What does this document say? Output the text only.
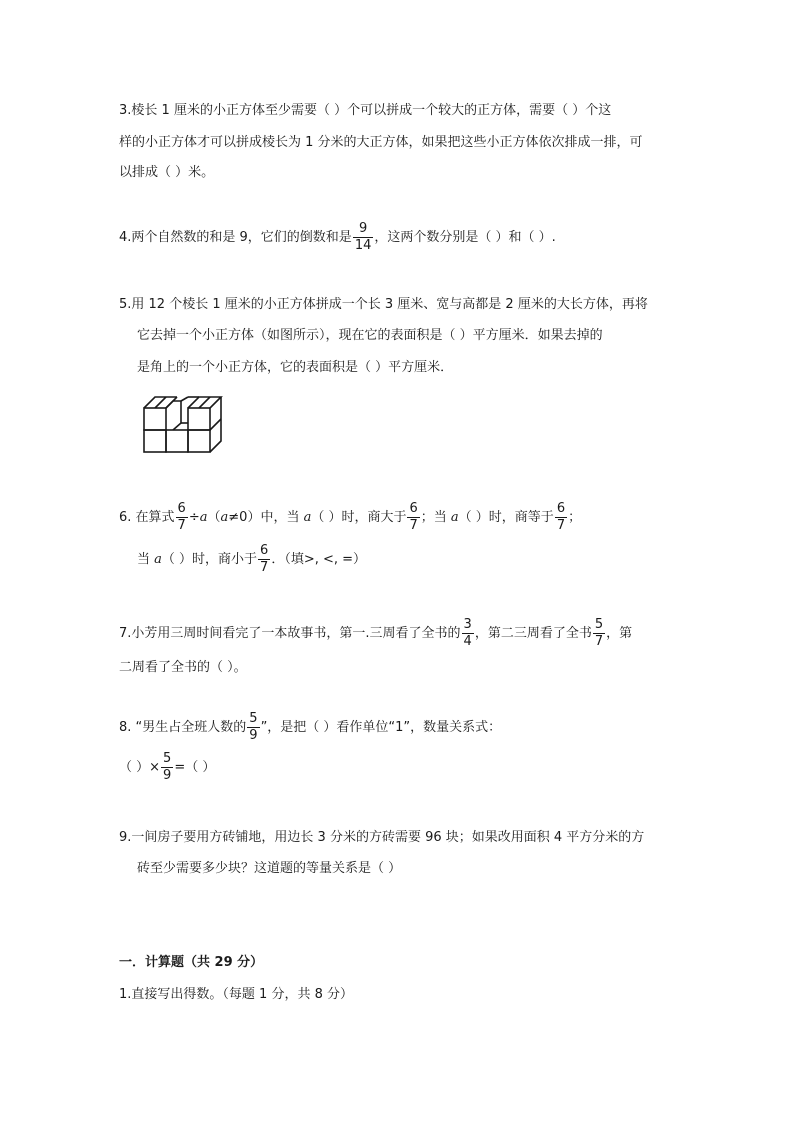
3.棱长 1 厘米的小正方体至少需要（ ）个可以拼成一个较大的正方体，需要（ ）个这
样的小正方体才可以拼成棱长为 1 分米的大正方体，如果把这些小正方体依次排成一排，可
以排成（ ）米。
4.两个自然数的和是 9，它们的倒数和是 $\frac{9}{14}$ ，这两个数分别是（ ）和（ ）.
5.用 12 个棱长 1 厘米的小正方体拼成一个长 3 厘米、宽与高都是 2 厘米的大长方体，再将
它去掉一个小正方体（如图所示），现在它的表面积是（ ）平方厘米．如果去掉的
是角上的一个小正方体，它的表面积是（ ）平方厘米．
6. 在算式 $\frac{6}{7} \div a(a\ne 0)$中，当 a（ ）时，商大于 $\frac{6}{7}$ ；当 a（ ）时，商等于 $\frac{6}{7}$ ；
当 a（ ）时，商小于 $\frac{6}{7}$ ．（填>, <, =）
7.小芳用三周时间看完了一本故事书，第一.三周看了全书的 $\frac{3}{4}$ ，第二三周看了全书 $\frac{5}{7}$ ，第
二周看了全书的（ ）。
8. “男生占全班人数的 $\frac{5}{9}$ ”，是把（ ）看作单位“1”，数量关系式：
（ ）× $\frac{5}{9}$ =（ ）
9.一间房子要用方砖铺地，用边长 3 分米的方砖需要 96 块；如果改用面积 4 平方分米的方
砖至少需要多少块？这道题的等量关系是（ ）
一．计算题（共 29 分）
1.直接写出得数。（每题 1 分，共 8 分）
